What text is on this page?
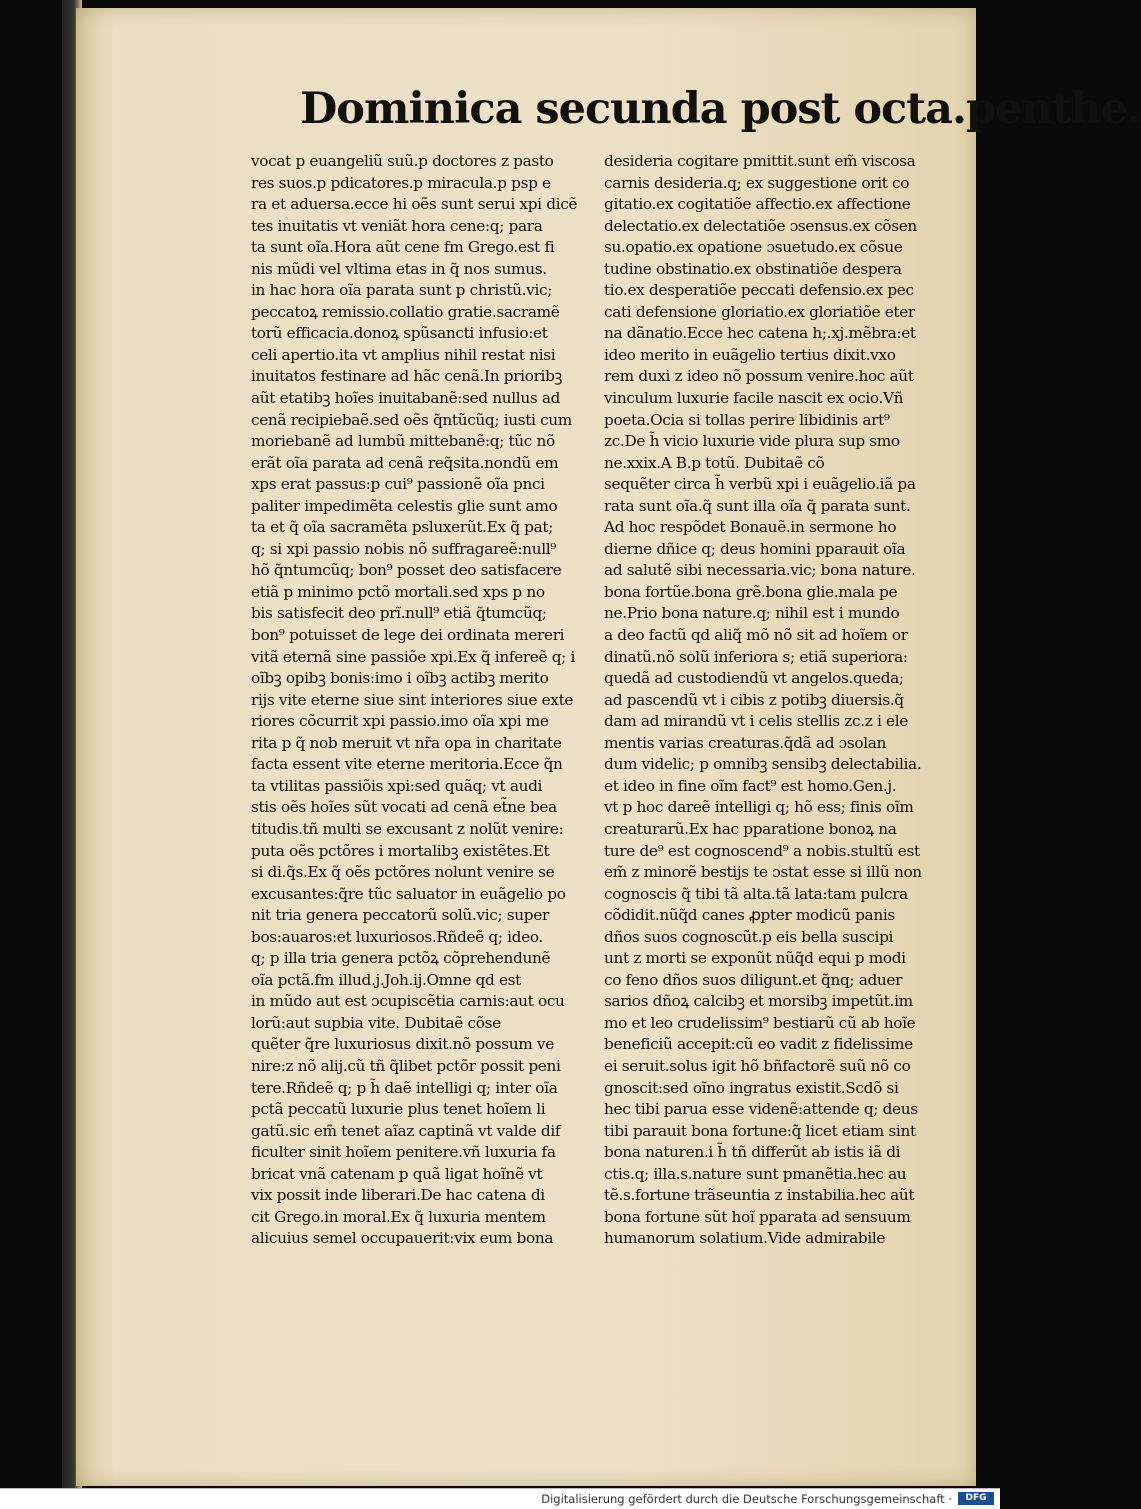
Dominica secunda post octa.penthe.
vocat p euangeliũ suũ.p doctores z pasto
res suos.p pdicatores.p miracula.p psp e
ra et aduersa.ecce hi oẽs sunt serui xpi dicẽ
tes inuitatis vt veniãt hora cene:q; para
ta sunt oĩa.Hora aũt cene fm Grego.est fi
nis mũdi vel vltima etas in q̃ nos sumus.
in hac hora oĩa parata sunt p christũ.vic;
peccatoꝝ remissio.collatio gratie.sacramẽ
torũ efficacia.donoꝝ spũsancti infusio:et
celi apertio.ita vt amplius nihil restat nisi
inuitatos festinare ad hãc cenã.In prioribꝫ
aũt etatibꝫ hoĩes inuitabanẽ:sed nullus ad
cenã recipiebaẽ.sed oẽs q̃ntũcũq; iusti cum
moriebanẽ ad lumbũ mittebanẽ:q; tũc nõ
erãt oĩa parata ad cenã req̃sita.nondũ em
xps erat passus:p cui⁹ passionẽ oĩa pnci
paliter impedimẽta celestis glie sunt amo
ta et q̃ oĩa sacramẽta psluxerũt.Ex q̃ pat;
q; si xpi passio nobis nõ suffragareẽ:null⁹
hõ q̃ntumcũq; bon⁹ posset deo satisfacere
etiã p minimo pctõ mortali.sed xps p no
bis satisfecit deo prĩ.null⁹ etiã q̃tumcũq;
bon⁹ potuisset de lege dei ordinata mereri
vitã eternã sine passiõe xpi.Ex q̃ infereẽ q; i
oĩbꝫ opibꝫ bonis:imo i oĩbꝫ actibꝫ merito
rijs vite eterne siue sint interiores siue exte
riores cõcurrit xpi passio.imo oĩa xpi me
rita p q̃ nob meruit vt nr̃a opa in charitate
facta essent vite eterne meritoria.Ecce q̃n
ta vtilitas passiõis xpi:sed quãq; vt audi
stis oẽs hoĩes sũt vocati ad cenã et̃ne bea
titudis.tñ multi se excusant z nolũt venire:
puta oẽs pctõres i mortalibꝫ existẽtes.Et
si di.q̃s.Ex q̃ oẽs pctõres nolunt venire se
excusantes:q̃re tũc saluator in euãgelio po
nit tria genera peccatorũ solũ.vic; super
bos:auaros:et luxuriosos.Rñdeẽ q; ideo.
q; p illa tria genera pctõꝝ cõprehendunẽ
oĩa pctã.fm illud.j.Joh.ij.Omne qd est
in mũdo aut est ɔcupiscẽtia carnis:aut ocu
lorũ:aut supbia vite. Dubitaẽ cõse
quẽter q̃re luxuriosus dixit.nõ possum ve
nire:z nõ alij.cũ tñ q̃libet pctõr possit peni
tere.Rñdeẽ q; p h̃ daẽ intelligi q; inter oĩa
pctã peccatũ luxurie plus tenet hoĩem li
gatũ.sic em̃ tenet aĩaz captinã vt valde dif
ficulter sinit hoĩem penitere.vñ luxuria fa
bricat vnã catenam p quã ligat hoĩnẽ vt
vix possit inde liberari.De hac catena di
cit Grego.in moral.Ex q̃ luxuria mentem
alicuius semel occupauerit:vix eum bona
desideria cogitare pmittit.sunt em̃ viscosa
carnis desideria.q; ex suggestione orit co
gitatio.ex cogitatiõe affectio.ex affectione
delectatio.ex delectatiõe ɔsensus.ex cõsen
su.opatio.ex opatione ɔsuetudo.ex cõsue
tudine obstinatio.ex obstinatiõe despera
tio.ex desperatiõe peccati defensio.ex pec
cati defensione gloriatio.ex gloriatiõe eter
na dãnatio.Ecce hec catena h;.xj.mẽbra:et
ideo merito in euãgelio tertius dixit.vxo
rem duxi z ideo nõ possum venire.hoc aũt
vinculum luxurie facile nascit ex ocio.Vñ
poeta.Ocia si tollas perire libidinis art⁹
zc.De h̃ vicio luxurie vide plura sup smo
ne.xxix.A B.p totũ. Dubitaẽ cõ
sequẽter circa h̃ verbũ xpi i euãgelio.iã pa
rata sunt oĩa.q̃ sunt illa oĩa q̃ parata sunt.
Ad hoc respõdet Bonauẽ.in sermone ho
dierne dñice q; deus homini pparauit oĩa
ad salutẽ sibi necessaria.vic; bona nature.
bona fortũe.bona grẽ.bona glie.mala pe
ne.Prio bona nature.q; nihil est i mundo
a deo factũ qd aliq̃ mõ nõ sit ad hoĩem or
dinatũ.nõ solũ inferiora s; etiã superiora:
quedã ad custodiendũ vt angelos.queda;
ad pascendũ vt i cibis z potibꝫ diuersis.q̃
dam ad mirandũ vt i celis stellis zc.z i ele
mentis varias creaturas.q̃dã ad ɔsolan
dum videlic; p omnibꝫ sensibꝫ delectabilia.
et ideo in fine oĩm fact⁹ est homo.Gen.j.
vt p hoc dareẽ intelligi q; hõ ess; finis oĩm
creaturarũ.Ex hac pparatione bonoꝝ na
ture de⁹ est cognoscend⁹ a nobis.stultũ est
em̃ z minorẽ bestijs te ɔstat esse si illũ non
cognoscis q̃ tibi tã alta.tã lata:tam pulcra
cõdidit.nũq̃d canes ꝓpter modicũ panis
dños suos cognoscũt.p eis bella suscipi
unt z morti se exponũt nũq̃d equi p modi
co feno dños suos diligunt.et q̃nq; aduer
sarios dñoꝝ calcibꝫ et morsibꝫ impetũt.im
mo et leo crudelissim⁹ bestiarũ cũ ab hoĩe
beneficiũ accepit:cũ eo vadit z fidelissime
ei seruit.solus igit hõ bñfactorẽ suũ nõ co
gnoscit:sed oĩno ingratus existit.Scdõ si
hec tibi parua esse videnẽ:attende q; deus
tibi parauit bona fortune:q̃ licet etiam sint
bona naturen.i h̃ tñ differũt ab istis iã di
ctis.q; illa.s.nature sunt pmanẽtia.hec au
tẽ.s.fortune trãseuntia z instabilia.hec aũt
bona fortune sũt hoĩ pparata ad sensuum
humanorum solatium.Vide admirabile
Digitalisierung gefördert durch die Deutsche Forschungsgemeinschaft ·	DFG
